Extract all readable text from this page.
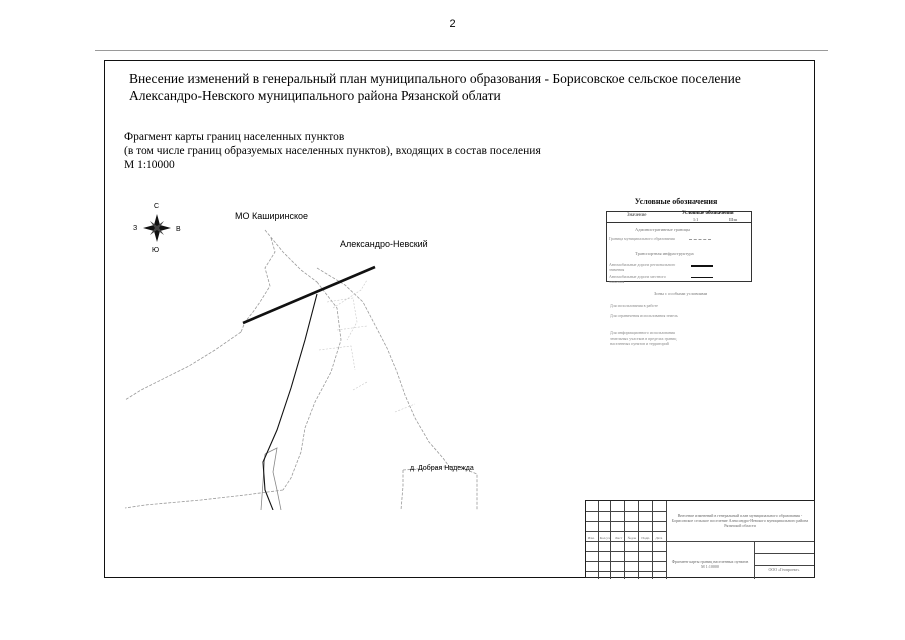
2
Внесение изменений в генеральный план муниципального образования - Борисовское сельское поселение
Александро-Невского муниципального района Рязанской облати
Фрагмент карты границ населенных пунктов
(в том числе границ образуемых населенных пунктов), входящих в состав поселения
М 1:10000
С
Ю
З	В
МО Каширинское
Александро-Невский
д. Добрая Надежда
Условные обозначения
Значение	Условные обозначения
1:1	Ш:ш
Административные границы
Граница муниципального образования
Транспортная инфраструктура
Автомобильные дороги регионального значения
Автомобильные дороги местного значения
Зоны с особыми условиями
Для использования в работе
Для ограничения использования земель
Для информационного использования земельных участков в пределах границ населенных пунктов и территорий
Изм. Кол.уч Лист №док Подп. Дата
Внесение изменений в генеральный план муниципального образования - Борисовское сельское поселение Александро-Невского муниципального района Рязанской области
Фрагмент карты границ населенных пунктов М 1:10000
ООО «Геопроект»
